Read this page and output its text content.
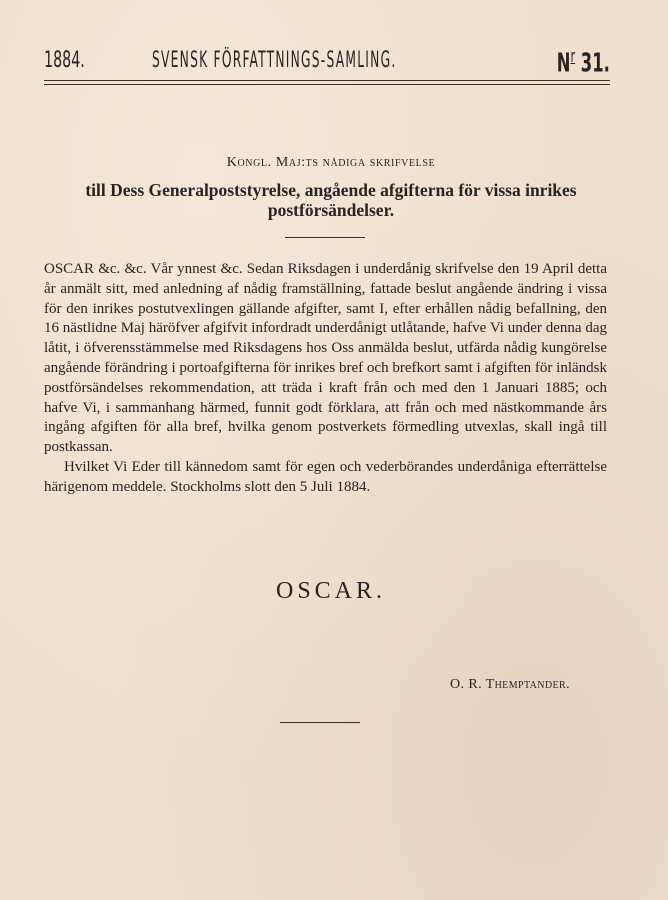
1884.	SVENSK FÖRFATTNINGS-SAMLING.	$N^r$ 31.
Kongl. Maj:ts nådiga skrifvelse
till Dess Generalpoststyrelse, angående afgifterna för vissa inrikes postförsändelser.

OSCAR &c. &c. Vår ynnest &c. Sedan Riksdagen i underdånig skrifvelse den 19 April detta år anmält sitt, med anledning af nådig framställning, fattade beslut angående ändring i vissa för den inrikes postutvexlingen gällande afgifter, samt I, efter erhållen nådig befallning, den 16 nästlidne Maj häröfver afgifvit infordradt underdånigt utlåtande, hafve Vi under denna dag låtit, i öfverensstämmelse med Riksdagens hos Oss anmälda beslut, utfärda nådig kungörelse angående förändring i portoafgifterna för inrikes bref och brefkort samt i afgiften för inländsk postförsändelses rekommendation, att träda i kraft från och med den 1 Januari 1885; och hafve Vi, i sammanhang härmed, funnit godt förklara, att från och med nästkommande års ingång afgiften för alla bref, hvilka genom postverkets förmedling utvexlas, skall ingå till postkassan.

Hvilket Vi Eder till kännedom samt för egen och vederbörandes underdåniga efterrättelse härigenom meddele. Stockholms slott den 5 Juli 1884.

OSCAR.
O. R. Themptander.
